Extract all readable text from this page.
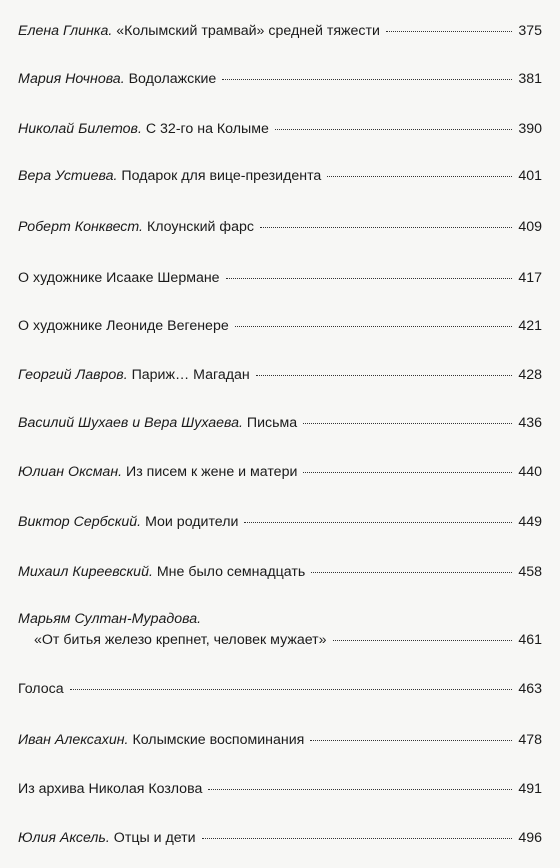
Елена Глинка. «Колымский трамвай» средней тяжести	375
Мария Ночнова. Водолажские	381
Николай Билетов. С 32-го на Колыме	390
Вера Устиева. Подарок для вице-президента	401
Роберт Конквест. Клоунский фарс	409
О художнике Исааке Шермане	417
О художнике Леониде Вегенере	421
Георгий Лавров. Париж… Магадан	428
Василий Шухаев и Вера Шухаева. Письма	436
Юлиан Оксман. Из писем к жене и матери	440
Виктор Сербский. Мои родители	449
Михаил Киреевский. Мне было семнадцать	458
Марьям Султан-Мурадова.
«От битья железо крепнет, человек мужает»	461
Голоса	463
Иван Алексахин. Колымские воспоминания	478
Из архива Николая Козлова	491
Юлия Аксель. Отцы и дети	496
